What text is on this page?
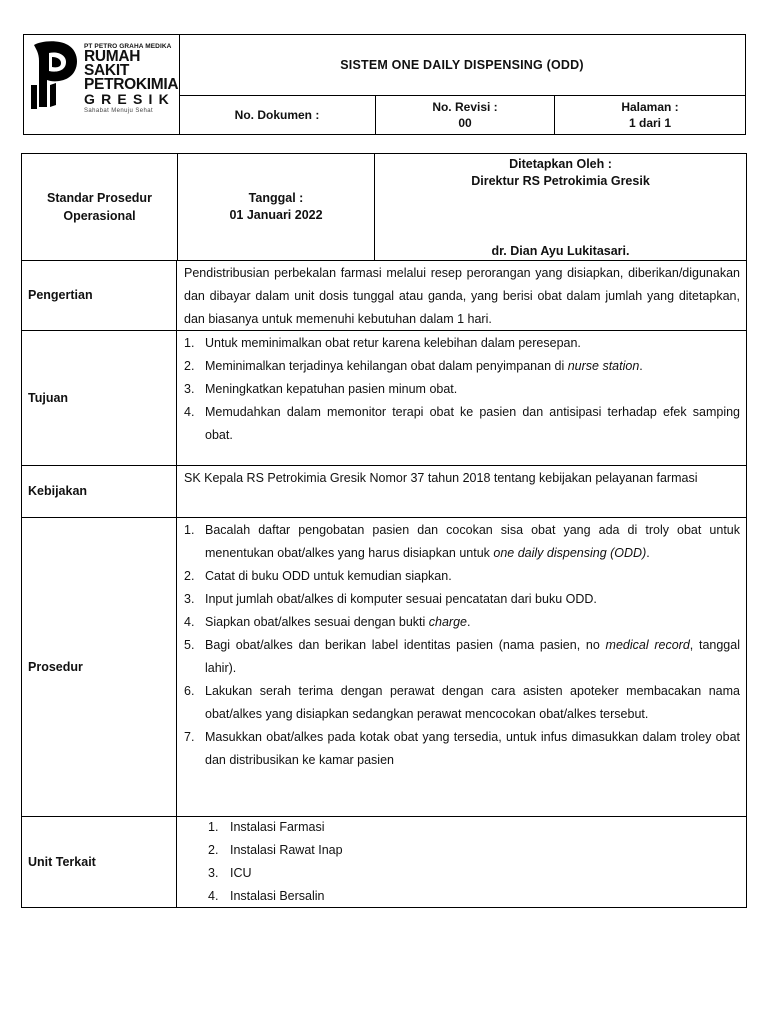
PT PETRO GRAHA MEDIKA
RUMAH SAKIT
PETROKIMIA
GRESIK
Sahabat Menuju Sehat
SISTEM ONE DAILY DISPENSING (ODD)
No. Dokumen :
No. Revisi :
00
Halaman :
1 dari 1
Standar Prosedur
Operasional
Tanggal :
01 Januari 2022
Ditetapkan Oleh :
Direktur RS Petrokimia Gresik
dr. Dian Ayu Lukitasari.
Pengertian

Pendistribusian perbekalan farmasi melalui resep perorangan yang disiapkan, diberikan/digunakan dan dibayar dalam unit dosis tunggal atau ganda, yang berisi obat dalam jumlah yang ditetapkan, dan biasanya untuk memenuhi kebutuhan dalam 1 hari.

Tujuan
1. Untuk meminimalkan obat retur karena kelebihan dalam peresepan.
2. Meminimalkan terjadinya kehilangan obat dalam penyimpanan di nurse station.
3. Meningkatkan kepatuhan pasien minum obat.
4. Memudahkan dalam memonitor terapi obat ke pasien dan antisipasi terhadap efek samping obat.
Kebijakan

SK Kepala RS Petrokimia Gresik Nomor 37 tahun 2018 tentang kebijakan pelayanan farmasi

Prosedur
1. Bacalah daftar pengobatan pasien dan cocokan sisa obat yang ada di troly obat untuk menentukan obat/alkes yang harus disiapkan untuk one daily dispensing (ODD).
2. Catat di buku ODD untuk kemudian siapkan.
3. Input jumlah obat/alkes di komputer sesuai pencatatan dari buku ODD.
4. Siapkan obat/alkes sesuai dengan bukti charge.
5. Bagi obat/alkes dan berikan label identitas pasien (nama pasien, no medical record, tanggal lahir).
6. Lakukan serah terima dengan perawat dengan cara asisten apoteker membacakan nama obat/alkes yang disiapkan sedangkan perawat mencocokan obat/alkes tersebut.
7. Masukkan obat/alkes pada kotak obat yang tersedia, untuk infus dimasukkan dalam troley obat dan distribusikan ke kamar pasien
Unit Terkait
1. Instalasi Farmasi
2. Instalasi Rawat Inap
3. ICU
4. Instalasi Bersalin
